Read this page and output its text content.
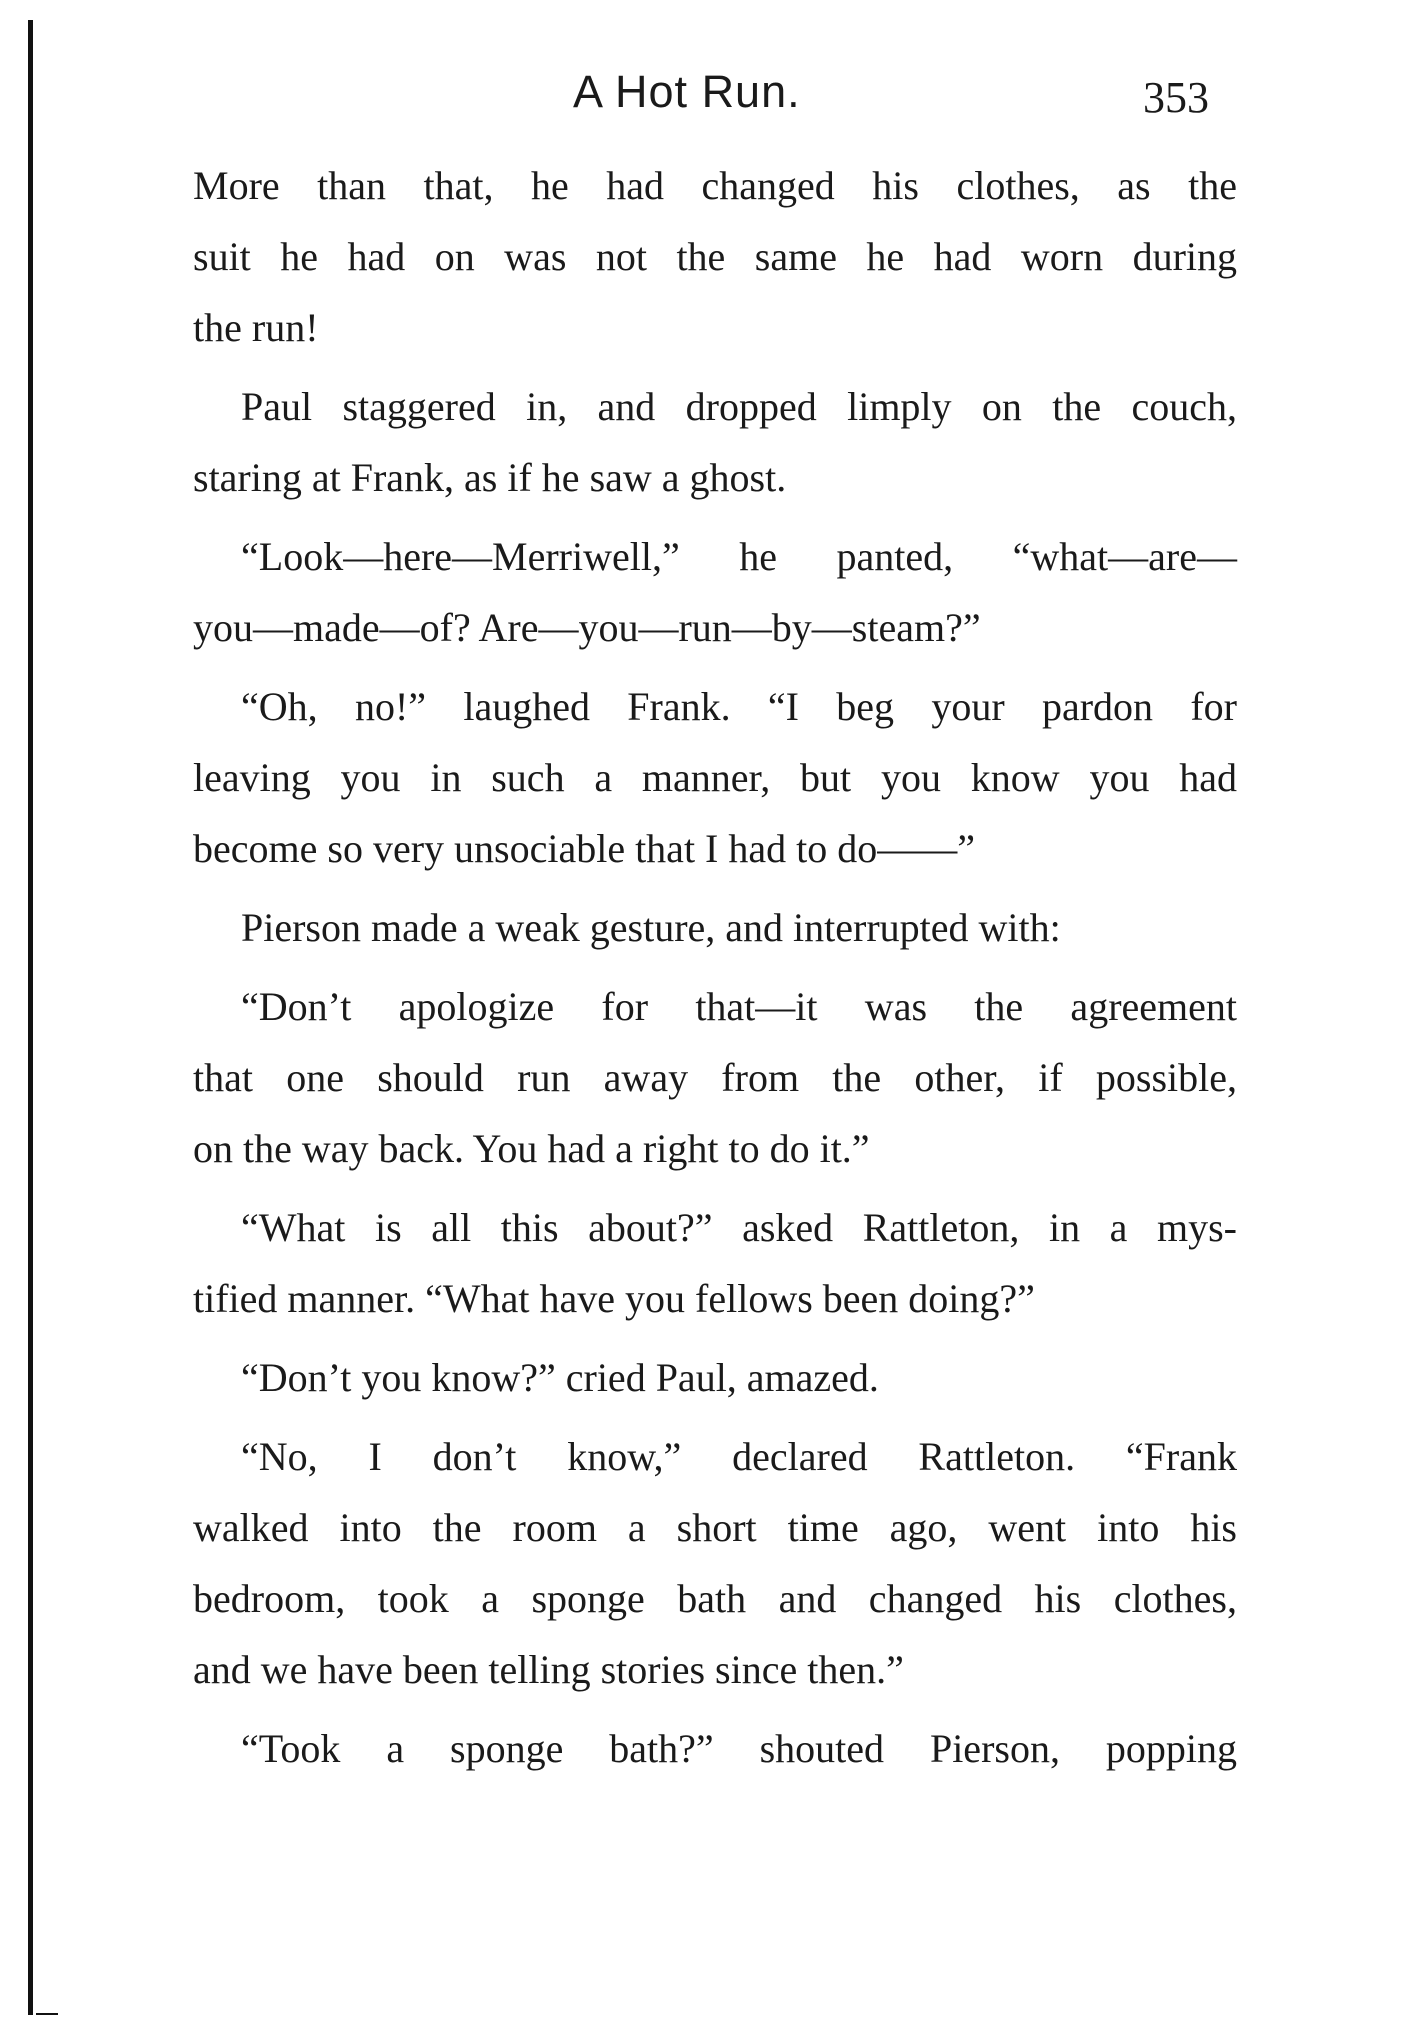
A Hot Run.	353
More than that, he had changed his clothes, as the
suit he had on was not the same he had worn during
the run!
Paul staggered in, and dropped limply on the couch,
staring at Frank, as if he saw a ghost.
“Look—here—Merriwell,” he panted, “what—are—
you—made—of? Are—you—run—by—steam?”
“Oh, no!” laughed Frank. “I beg your pardon for
leaving you in such a manner, but you know you had
become so very unsociable that I had to do——”
Pierson made a weak gesture, and interrupted with:
“Don’t apologize for that—it was the agreement
that one should run away from the other, if possible,
on the way back. You had a right to do it.”
“What is all this about?” asked Rattleton, in a mys-
tified manner. “What have you fellows been doing?”
“Don’t you know?” cried Paul, amazed.
“No, I don’t know,” declared Rattleton. “Frank
walked into the room a short time ago, went into his
bedroom, took a sponge bath and changed his clothes,
and we have been telling stories since then.”
“Took a sponge bath?” shouted Pierson, popping
